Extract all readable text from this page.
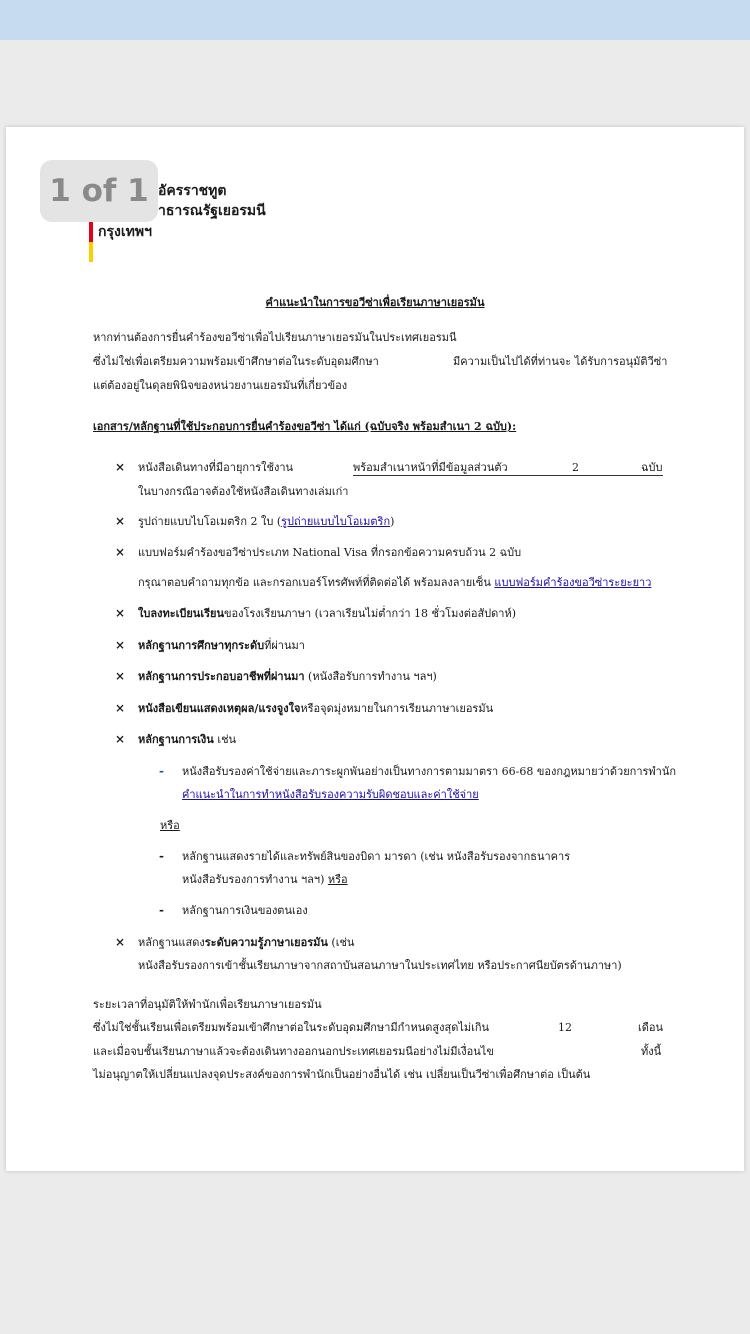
1 of 1 อัครราชทูต
าธารณรัฐเยอรมนี
กรุงเทพฯ
คำแนะนำในการขอวีซ่าเพื่อเรียนภาษาเยอรมัน
หากท่านต้องการยื่นคำร้องขอวีซ่าเพื่อไปเรียนภาษาเยอรมันในประเทศเยอรมนี
ซึ่งไม่ใช่เพื่อเตรียมความพร้อมเข้าศึกษาต่อในระดับอุดมศึกษา	มีความเป็นไปได้ที่ท่านจะ ได้รับการอนุมัติวีซ่า
แต่ต้องอยู่ในดุลยพินิจของหน่วยงานเยอรมันที่เกี่ยวข้อง
เอกสาร/หลักฐานที่ใช้ประกอบการยื่นคำร้องขอวีซ่า ได้แก่ (ฉบับจริง พร้อมสำเนา 2 ฉบับ):
× หนังสือเดินทางที่มีอายุการใช้งาน	พร้อมสำเนาหน้าที่มีข้อมูลส่วนตัว	2	ฉบับ
ในบางกรณีอาจต้องใช้หนังสือเดินทางเล่มเก่า
× รูปถ่ายแบบไบโอเมตริก 2 ใบ (รูปถ่ายแบบไบโอเมตริก)
× แบบฟอร์มคำร้องขอวีซ่าประเภท National Visa ที่กรอกข้อความครบถ้วน 2 ฉบับ
กรุณาตอบคำถามทุกข้อ และกรอกเบอร์โทรศัพท์ที่ติดต่อได้ พร้อมลงลายเซ็น แบบฟอร์มคำร้องขอวีซ่าระยะยาว
× ใบลงทะเบียนเรียนของโรงเรียนภาษา (เวลาเรียนไม่ต่ำกว่า 18 ชั่วโมงต่อสัปดาห์)
× หลักฐานการศึกษาทุกระดับที่ผ่านมา
× หลักฐานการประกอบอาชีพที่ผ่านมา (หนังสือรับการทำงาน ฯลฯ)
× หนังสือเขียนแสดงเหตุผล/แรงจูงใจหรือจุดมุ่งหมายในการเรียนภาษาเยอรมัน
× หลักฐานการเงิน เช่น
- หนังสือรับรองค่าใช้จ่ายและภาระผูกพันอย่างเป็นทางการตามมาตรา 66-68 ของกฎหมายว่าด้วยการพำนัก
คำแนะนำในการทำหนังสือรับรองความรับผิดชอบและค่าใช้จ่าย
หรือ
- หลักฐานแสดงรายได้และทรัพย์สินของบิดา มารดา (เช่น หนังสือรับรองจากธนาคาร
หนังสือรับรองการทำงาน ฯลฯ) หรือ
- หลักฐานการเงินของตนเอง
× หลักฐานแสดงระดับความรู้ภาษาเยอรมัน (เช่น
หนังสือรับรองการเข้าชั้นเรียนภาษาจากสถาบันสอนภาษาในประเทศไทย หรือประกาศนียบัตรด้านภาษา)
ระยะเวลาที่อนุมัติให้พำนักเพื่อเรียนภาษาเยอรมัน
ซึ่งไม่ใช่ชั้นเรียนเพื่อเตรียมพร้อมเข้าศึกษาต่อในระดับอุดมศึกษามีกำหนดสูงสุดไม่เกิน	12	เดือน
และเมื่อจบชั้นเรียนภาษาแล้วจะต้องเดินทางออกนอกประเทศเยอรมนีอย่างไม่มีเงื่อนไข	ทั้งนี้
ไม่อนุญาตให้เปลี่ยนแปลงจุดประสงค์ของการพำนักเป็นอย่างอื่นได้ เช่น เปลี่ยนเป็นวีซ่าเพื่อศึกษาต่อ เป็นต้น
